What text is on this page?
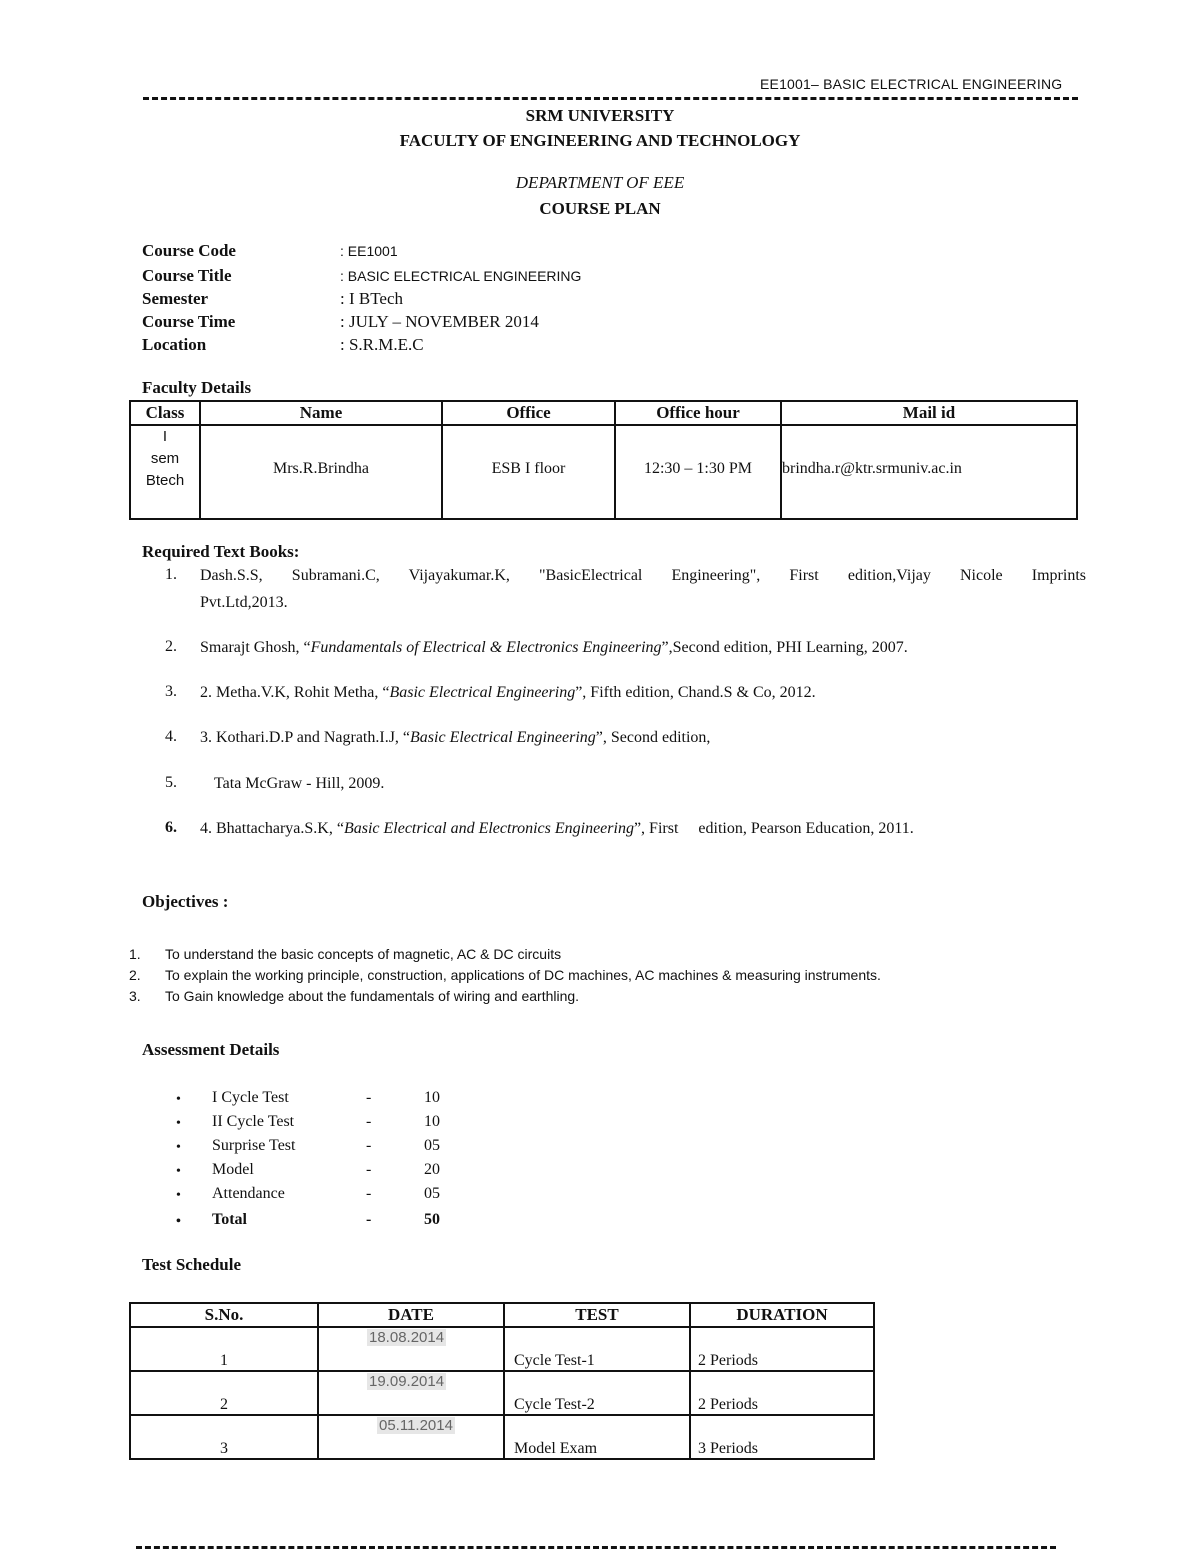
EE1001– BASIC ELECTRICAL ENGINEERING
SRM UNIVERSITY
FACULTY OF ENGINEERING AND TECHNOLOGY
DEPARTMENT OF EEE
COURSE PLAN
Course Code	: EE1001
Course Title	: BASIC ELECTRICAL ENGINEERING
Semester	: I BTech
Course Time	: JULY – NOVEMBER 2014
Location	: S.R.M.E.C
Faculty Details
Class	Name	Office	Office hour	Mail id

I
sem
Btech	Mrs.R.Brindha	ESB I floor	12:30 – 1:30 PM	brindha.r@ktr.srmuniv.ac.in
Required Text Books:
1. Dash.S.S, Subramani.C, Vijayakumar.K, "BasicElectrical Engineering", First edition,Vijay Nicole Imprints
Pvt.Ltd,2013.
2. Smarajt Ghosh, “Fundamentals of Electrical & Electronics Engineering”,Second edition, PHI Learning, 2007.
3. 2. Metha.V.K, Rohit Metha, “Basic Electrical Engineering”, Fifth edition, Chand.S & Co, 2012.
4. 3. Kothari.D.P and Nagrath.I.J, “Basic Electrical Engineering”, Second edition,
5. Tata McGraw - Hill, 2009.
6. 4. Bhattacharya.S.K, “Basic Electrical and Electronics Engineering”, First     edition, Pearson Education, 2011.
Objectives :
1. To understand the basic concepts of magnetic, AC & DC circuits
2. To explain the working principle, construction, applications of DC machines, AC machines & measuring instruments.
3. To Gain knowledge about the fundamentals of wiring and earthling.
Assessment Details
• I Cycle Test	-	10
• II Cycle Test	-	10
• Surprise Test	-	05
• Model	-	20
• Attendance	-	05
• Total	-	50
Test Schedule
S.No.	DATE	TEST	DURATION

1	18.08.2014	Cycle Test-1	2 Periods

2	19.09.2014	Cycle Test-2	2 Periods

3	05.11.2014	Model Exam	3 Periods
